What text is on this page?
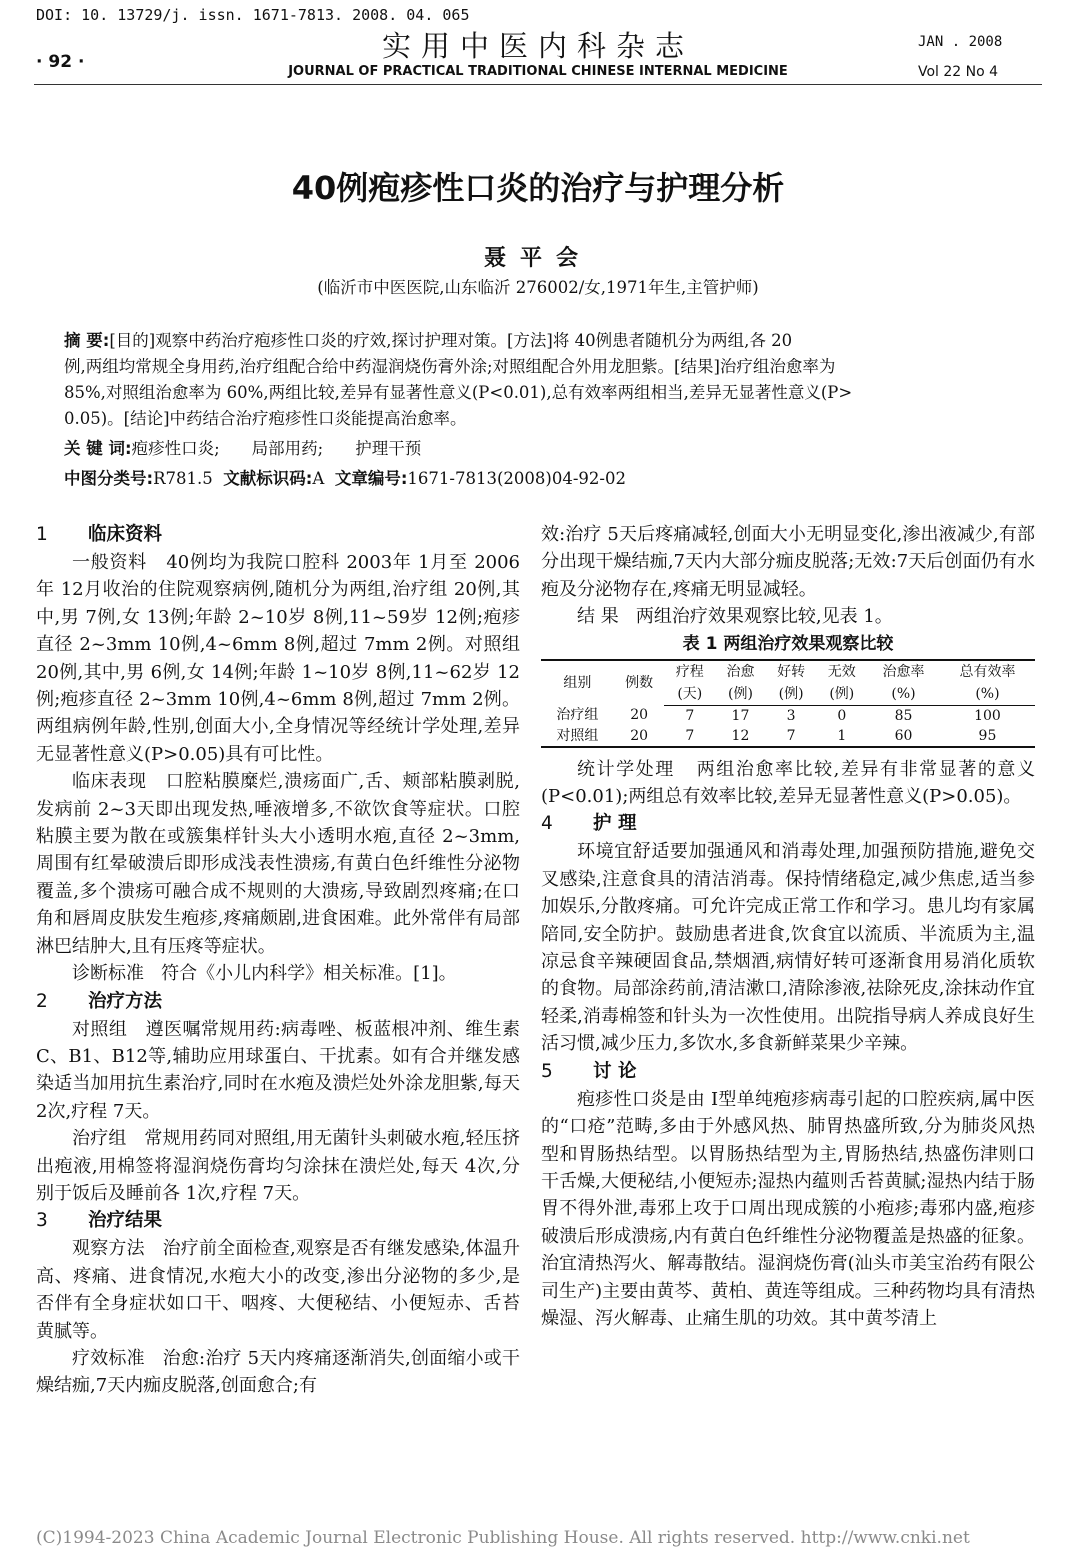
DOI: 10. 13729/j. issn. 1671-7813. 2008. 04. 065
· 92 ·	实用中医内科杂志
JOURNAL OF PRACTICAL TRADITIONAL CHINESE INTERNAL MEDICINE
JAN . 2008
Vol 22 No 4
40例疱疹性口炎的治疗与护理分析
聂平会
(临沂市中医医院,山东临沂 276002/女,1971年生,主管护师)
摘 要:[目的]观察中药治疗疱疹性口炎的疗效,探讨护理对策。[方法]将 40例患者随机分为两组,各 20
例,两组均常规全身用药,治疗组配合给中药湿润烧伤膏外涂;对照组配合外用龙胆紫。[结果]治疗组治愈率为
85%,对照组治愈率为 60%,两组比较,差异有显著性意义(P<0.01),总有效率两组相当,差异无显著性意义(P>
0.05)。[结论]中药结合治疗疱疹性口炎能提高治愈率。
关 键 词:疱疹性口炎; 局部用药; 护理干预
中图分类号:R781.5 文献标识码:A 文章编号:1671-7813(2008)04-92-02
1 临床资料

一般资料 40例均为我院口腔科 2003年 1月至 2006年 12月收治的住院观察病例,随机分为两组,治疗组 20例,其中,男 7例,女 13例;年龄 2~10岁 8例,11~59岁 12例;疱疹直径 2~3mm 10例,4~6mm 8例,超过 7mm 2例。对照组 20例,其中,男 6例,女 14例;年龄 1~10岁 8例,11~62岁 12例;疱疹直径 2~3mm 10例,4~6mm 8例,超过 7mm 2例。两组病例年龄,性别,创面大小,全身情况等经统计学处理,差异无显著性意义(P>0.05)具有可比性。

临床表现 口腔粘膜糜烂,溃疡面广,舌、颊部粘膜剥脱,发病前 2~3天即出现发热,唾液增多,不欲饮食等症状。口腔粘膜主要为散在或簇集样针头大小透明水疱,直径 2~3mm,周围有红晕破溃后即形成浅表性溃疡,有黄白色纤维性分泌物覆盖,多个溃疡可融合成不规则的大溃疡,导致剧烈疼痛;在口角和唇周皮肤发生疱疹,疼痛颇剧,进食困难。此外常伴有局部淋巴结肿大,且有压疼等症状。

诊断标准 符合《小儿内科学》相关标准。[1]。

2 治疗方法

对照组 遵医嘱常规用药:病毒唑、板蓝根冲剂、维生素 C、B1、B12等,辅助应用球蛋白、干扰素。如有合并继发感染适当加用抗生素治疗,同时在水疱及溃烂处外涂龙胆紫,每天 2次,疗程 7天。

治疗组 常规用药同对照组,用无菌针头刺破水疱,轻压挤出疱液,用棉签将湿润烧伤膏均匀涂抹在溃烂处,每天 4次,分别于饭后及睡前各 1次,疗程 7天。

3 治疗结果

观察方法 治疗前全面检查,观察是否有继发感染,体温升高、疼痛、进食情况,水疱大小的改变,渗出分泌物的多少,是否伴有全身症状如口干、咽疼、大便秘结、小便短赤、舌苔黄腻等。

疗效标准 治愈:治疗 5天内疼痛逐渐消失,创面缩小或干燥结痂,7天内痂皮脱落,创面愈合;有

效:治疗 5天后疼痛减轻,创面大小无明显变化,渗出液减少,有部分出现干燥结痂,7天内大部分痂皮脱落;无效:7天后创面仍有水疱及分泌物存在,疼痛无明显减轻。

结 果 两组治疗效果观察比较,见表 1。

表 1 两组治疗效果观察比较
组别	例数	疗程	治愈	好转	无效	治愈率	总有效率
		(天)	(例)	(例)	(例)	(%)	(%)
治疗组	20	7	17	3	0	85	100
对照组	20	7	12	7	1	60	95

统计学处理 两组治愈率比较,差异有非常显著的意义(P<0.01);两组总有效率比较,差异无显著性意义(P>0.05)。

4 护 理

环境宜舒适要加强通风和消毒处理,加强预防措施,避免交叉感染,注意食具的清洁消毒。保持情绪稳定,减少焦虑,适当参加娱乐,分散疼痛。可允许完成正常工作和学习。患儿均有家属陪同,安全防护。鼓励患者进食,饮食宜以流质、半流质为主,温凉忌食辛辣硬固食品,禁烟酒,病情好转可逐渐食用易消化质软的食物。局部涂药前,清洁漱口,清除渗液,祛除死皮,涂抹动作宜轻柔,消毒棉签和针头为一次性使用。出院指导病人养成良好生活习惯,减少压力,多饮水,多食新鲜菜果少辛辣。

5 讨 论

疱疹性口炎是由 I型单纯疱疹病毒引起的口腔疾病,属中医的“口疮”范畴,多由于外感风热、肺胃热盛所致,分为肺炎风热型和胃肠热结型。以胃肠热结型为主,胃肠热结,热盛伤津则口干舌燥,大便秘结,小便短赤;湿热内蕴则舌苔黄腻;湿热内结于肠胃不得外泄,毒邪上攻于口周出现成簇的小疱疹;毒邪内盛,疱疹破溃后形成溃疡,内有黄白色纤维性分泌物覆盖是热盛的征象。治宜清热泻火、解毒散结。湿润烧伤膏(汕头市美宝治药有限公司生产)主要由黄芩、黄柏、黄连等组成。三种药物均具有清热燥湿、泻火解毒、止痛生肌的功效。其中黄芩清上

(C)1994-2023 China Academic Journal Electronic Publishing House. All rights reserved. http://www.cnki.net
